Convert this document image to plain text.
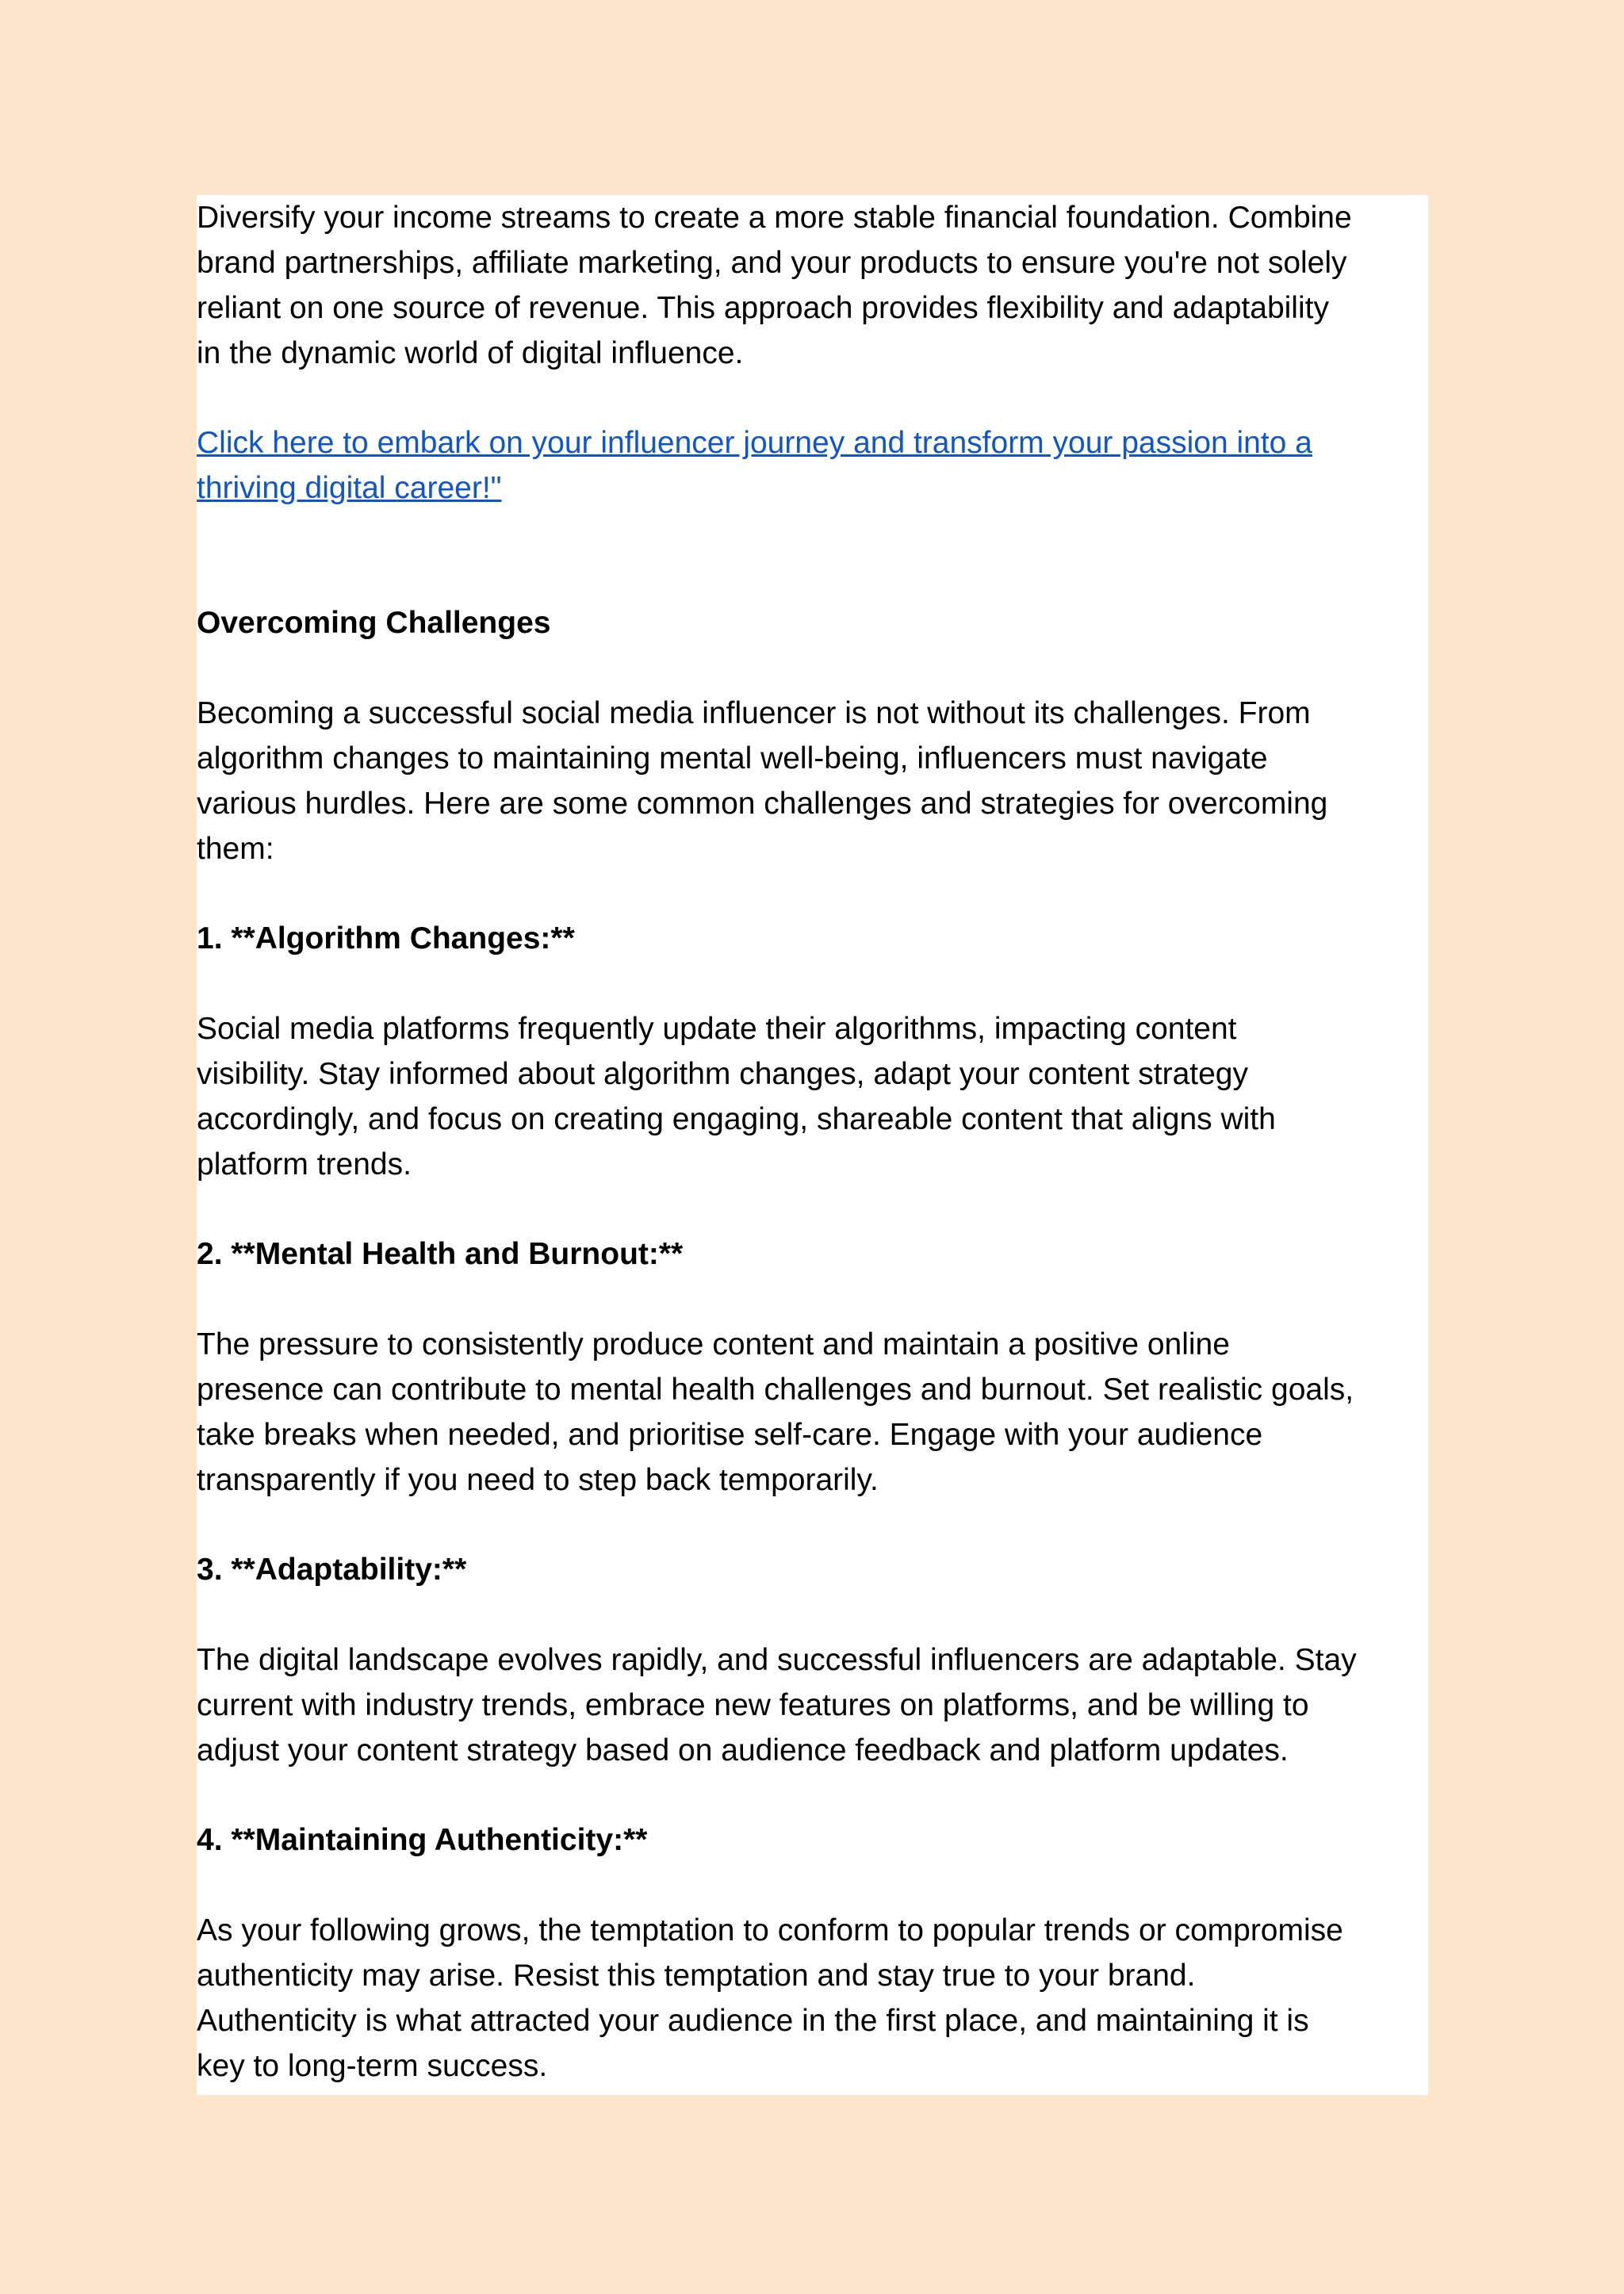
Diversify your income streams to create a more stable financial foundation. Combine
brand partnerships, affiliate marketing, and your products to ensure you're not solely
reliant on one source of revenue. This approach provides flexibility and adaptability
in the dynamic world of digital influence.
Click here to embark on your influencer journey and transform your passion into a
thriving digital career!"
Overcoming Challenges
Becoming a successful social media influencer is not without its challenges. From
algorithm changes to maintaining mental well-being, influencers must navigate
various hurdles. Here are some common challenges and strategies for overcoming
them:
1. **Algorithm Changes:**
Social media platforms frequently update their algorithms, impacting content
visibility. Stay informed about algorithm changes, adapt your content strategy
accordingly, and focus on creating engaging, shareable content that aligns with
platform trends.
2. **Mental Health and Burnout:**
The pressure to consistently produce content and maintain a positive online
presence can contribute to mental health challenges and burnout. Set realistic goals,
take breaks when needed, and prioritise self-care. Engage with your audience
transparently if you need to step back temporarily.
3. **Adaptability:**
The digital landscape evolves rapidly, and successful influencers are adaptable. Stay
current with industry trends, embrace new features on platforms, and be willing to
adjust your content strategy based on audience feedback and platform updates.
4. **Maintaining Authenticity:**
As your following grows, the temptation to conform to popular trends or compromise
authenticity may arise. Resist this temptation and stay true to your brand.
Authenticity is what attracted your audience in the first place, and maintaining it is
key to long-term success.
